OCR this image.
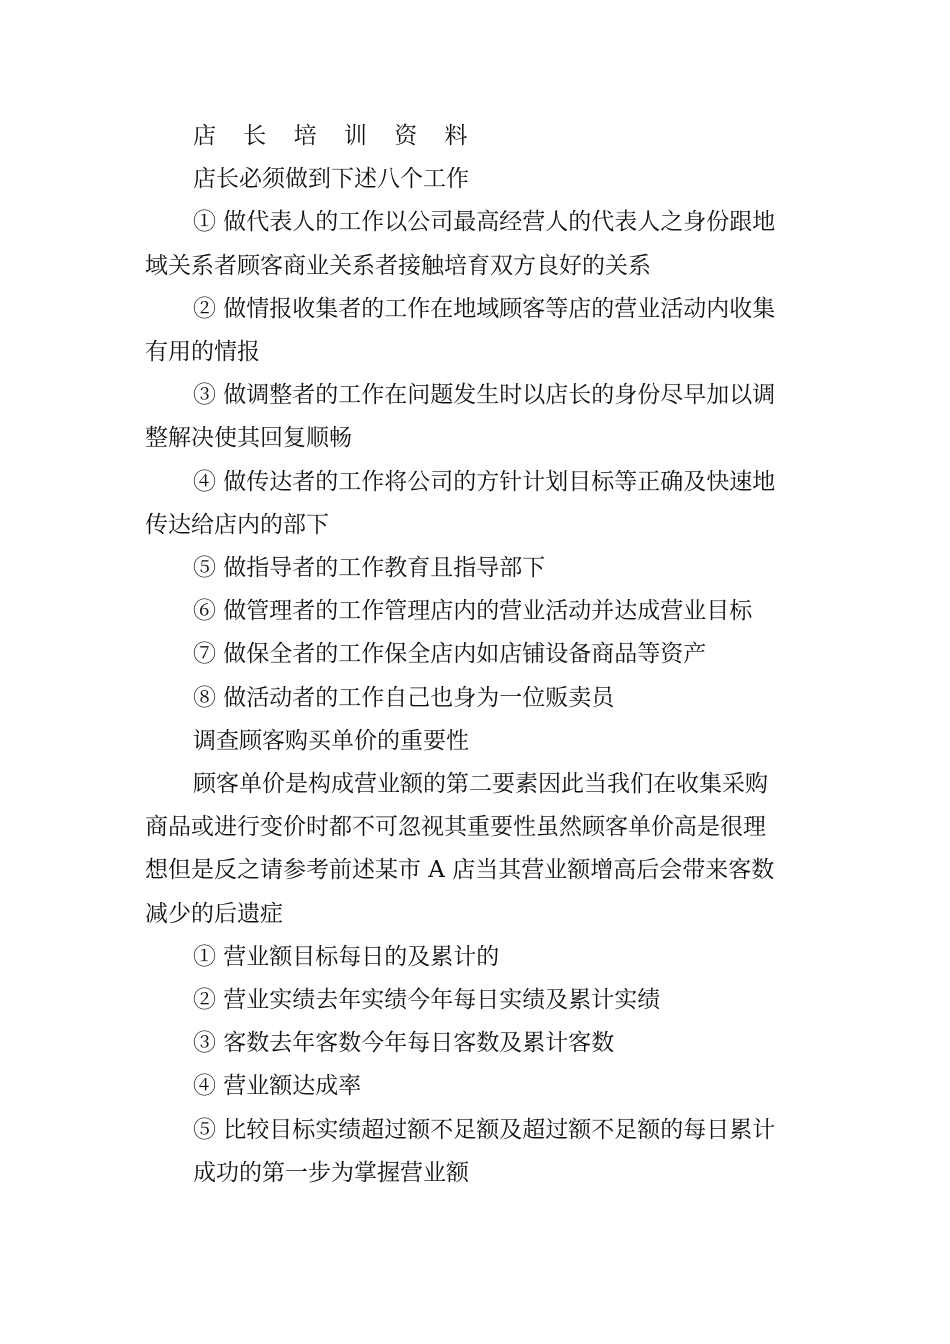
店 长 培 训 资 料

店长必须做到下述八个工作

① 做代表人的工作以公司最高经营人的代表人之身份跟地

域关系者顾客商业关系者接触培育双方良好的关系

② 做情报收集者的工作在地域顾客等店的营业活动内收集

有用的情报

③ 做调整者的工作在问题发生时以店长的身份尽早加以调

整解决使其回复顺畅

④ 做传达者的工作将公司的方针计划目标等正确及快速地

传达给店内的部下

⑤ 做指导者的工作教育且指导部下

⑥ 做管理者的工作管理店内的营业活动并达成营业目标

⑦ 做保全者的工作保全店内如店铺设备商品等资产

⑧ 做活动者的工作自己也身为一位贩卖员

调查顾客购买单价的重要性

顾客单价是构成营业额的第二要素因此当我们在收集采购

商品或进行变价时都不可忽视其重要性虽然顾客单价高是很理

想但是反之请参考前述某市 A 店当其营业额增高后会带来客数

减少的后遗症

① 营业额目标每日的及累计的

② 营业实绩去年实绩今年每日实绩及累计实绩

③ 客数去年客数今年每日客数及累计客数

④ 营业额达成率

⑤ 比较目标实绩超过额不足额及超过额不足额的每日累计

成功的第一步为掌握营业额
